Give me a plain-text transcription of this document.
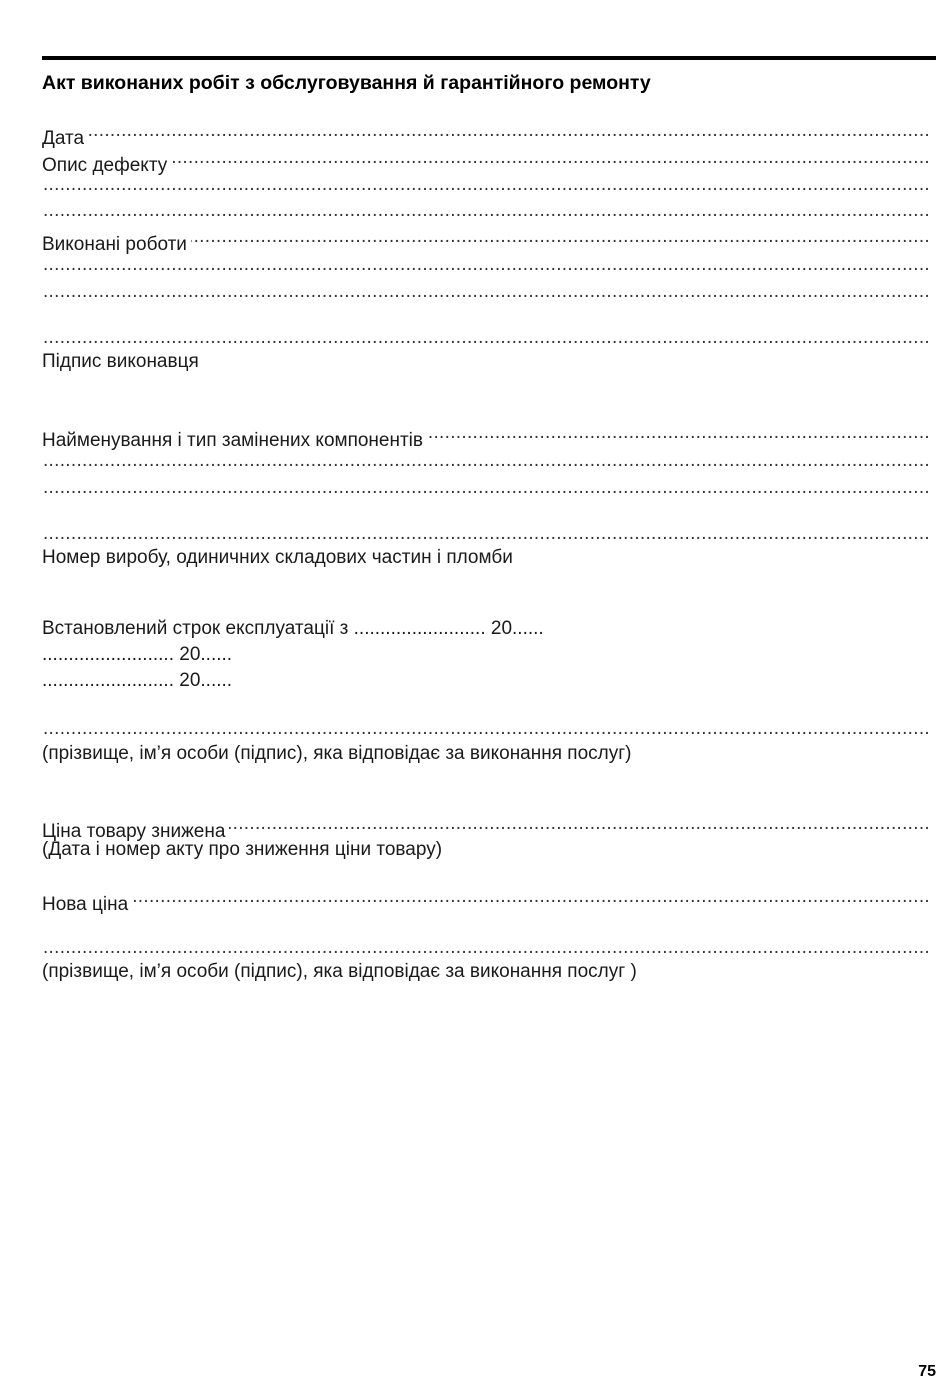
Акт виконаних робіт з обслуговування й гарантійного ремонту
Дата
.....
Опис дефекту
.....
.....
.....
Виконані роботи
.....
.....
.....
.....
Підпис виконавця
Найменування і тип замінених компонентів
.....
.....
.....
.....
Номер виробу, одиничних складових частин і пломби
Встановлений строк експлуатації з ......................... 20......
......................... 20......
......................... 20......
.....
(прізвище, ім’я особи (підпис), яка відповідає за виконання послуг)
Ціна товару знижена
.....
(Дата і номер акту про зниження ціни товару)
Нова ціна
.....
.....
(прізвище, ім’я особи (підпис), яка відповідає за виконання послуг )
75
